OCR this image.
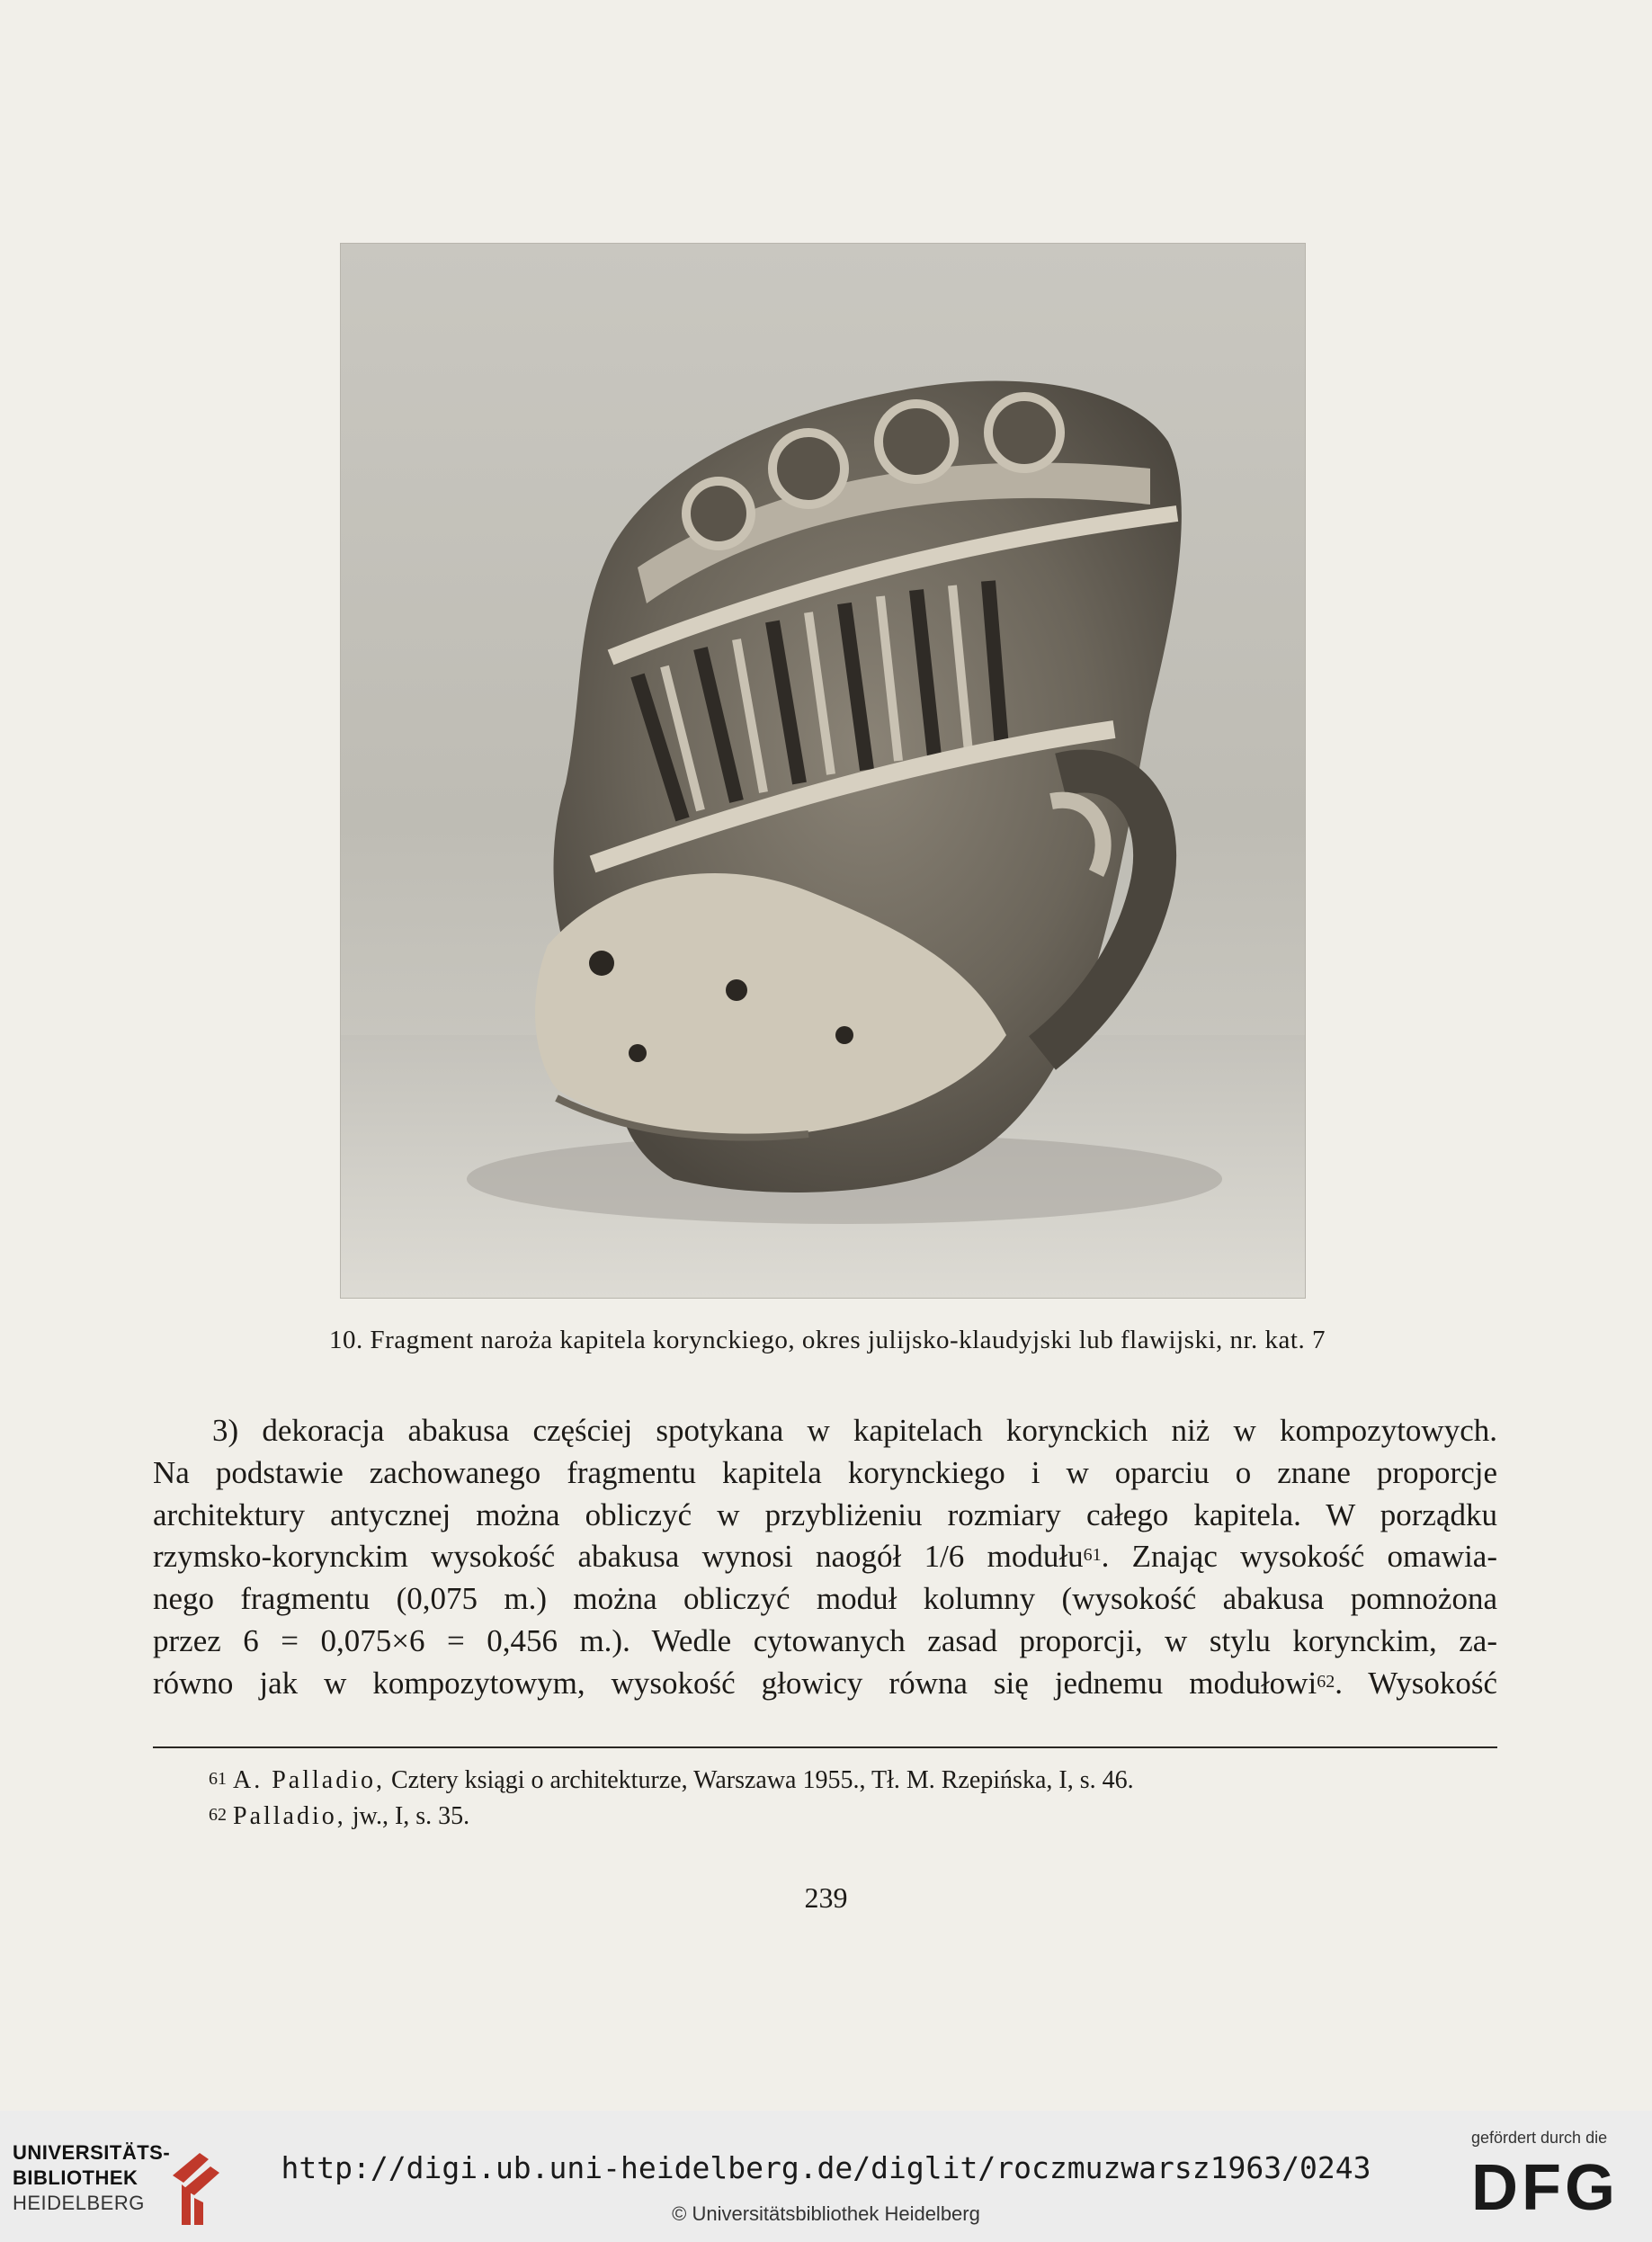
10. Fragment naroża kapitela korynckiego, okres julijsko-klaudyjski lub flawijski, nr. kat. 7
3) dekoracja abakusa częściej spotykana w kapitelach korynckich niż w kompozytowych.
Na podstawie zachowanego fragmentu kapitela korynckiego i w oparciu o znane proporcje
architektury antycznej można obliczyć w przybliżeniu rozmiary całego kapitela. W porządku
rzymsko-korynckim wysokość abakusa wynosi naogół 1/6 modułu$^{61}$. Znając wysokość omawia-
nego fragmentu (0,075 m.) można obliczyć moduł kolumny (wysokość abakusa pomnożona
przez 6 = 0,075×6 = 0,456 m.). Wedle cytowanych zasad proporcji, w stylu korynckim, za-
równo jak w kompozytowym, wysokość głowicy równa się jednemu modułowi$^{62}$. Wysokość
$^{61}$ A. Palladio, Cztery ksiągi o architekturze, Warszawa 1955., Tł. M. Rzepińska, I, s. 46.
$^{62}$ Palladio, jw., I, s. 35.
239
UNIVERSITÄTS-
BIBLIOTHEK
HEIDELBERG
http://digi.ub.uni-heidelberg.de/diglit/roczmuzwarsz1963/0243
© Universitätsbibliothek Heidelberg
gefördert durch die
DFG
